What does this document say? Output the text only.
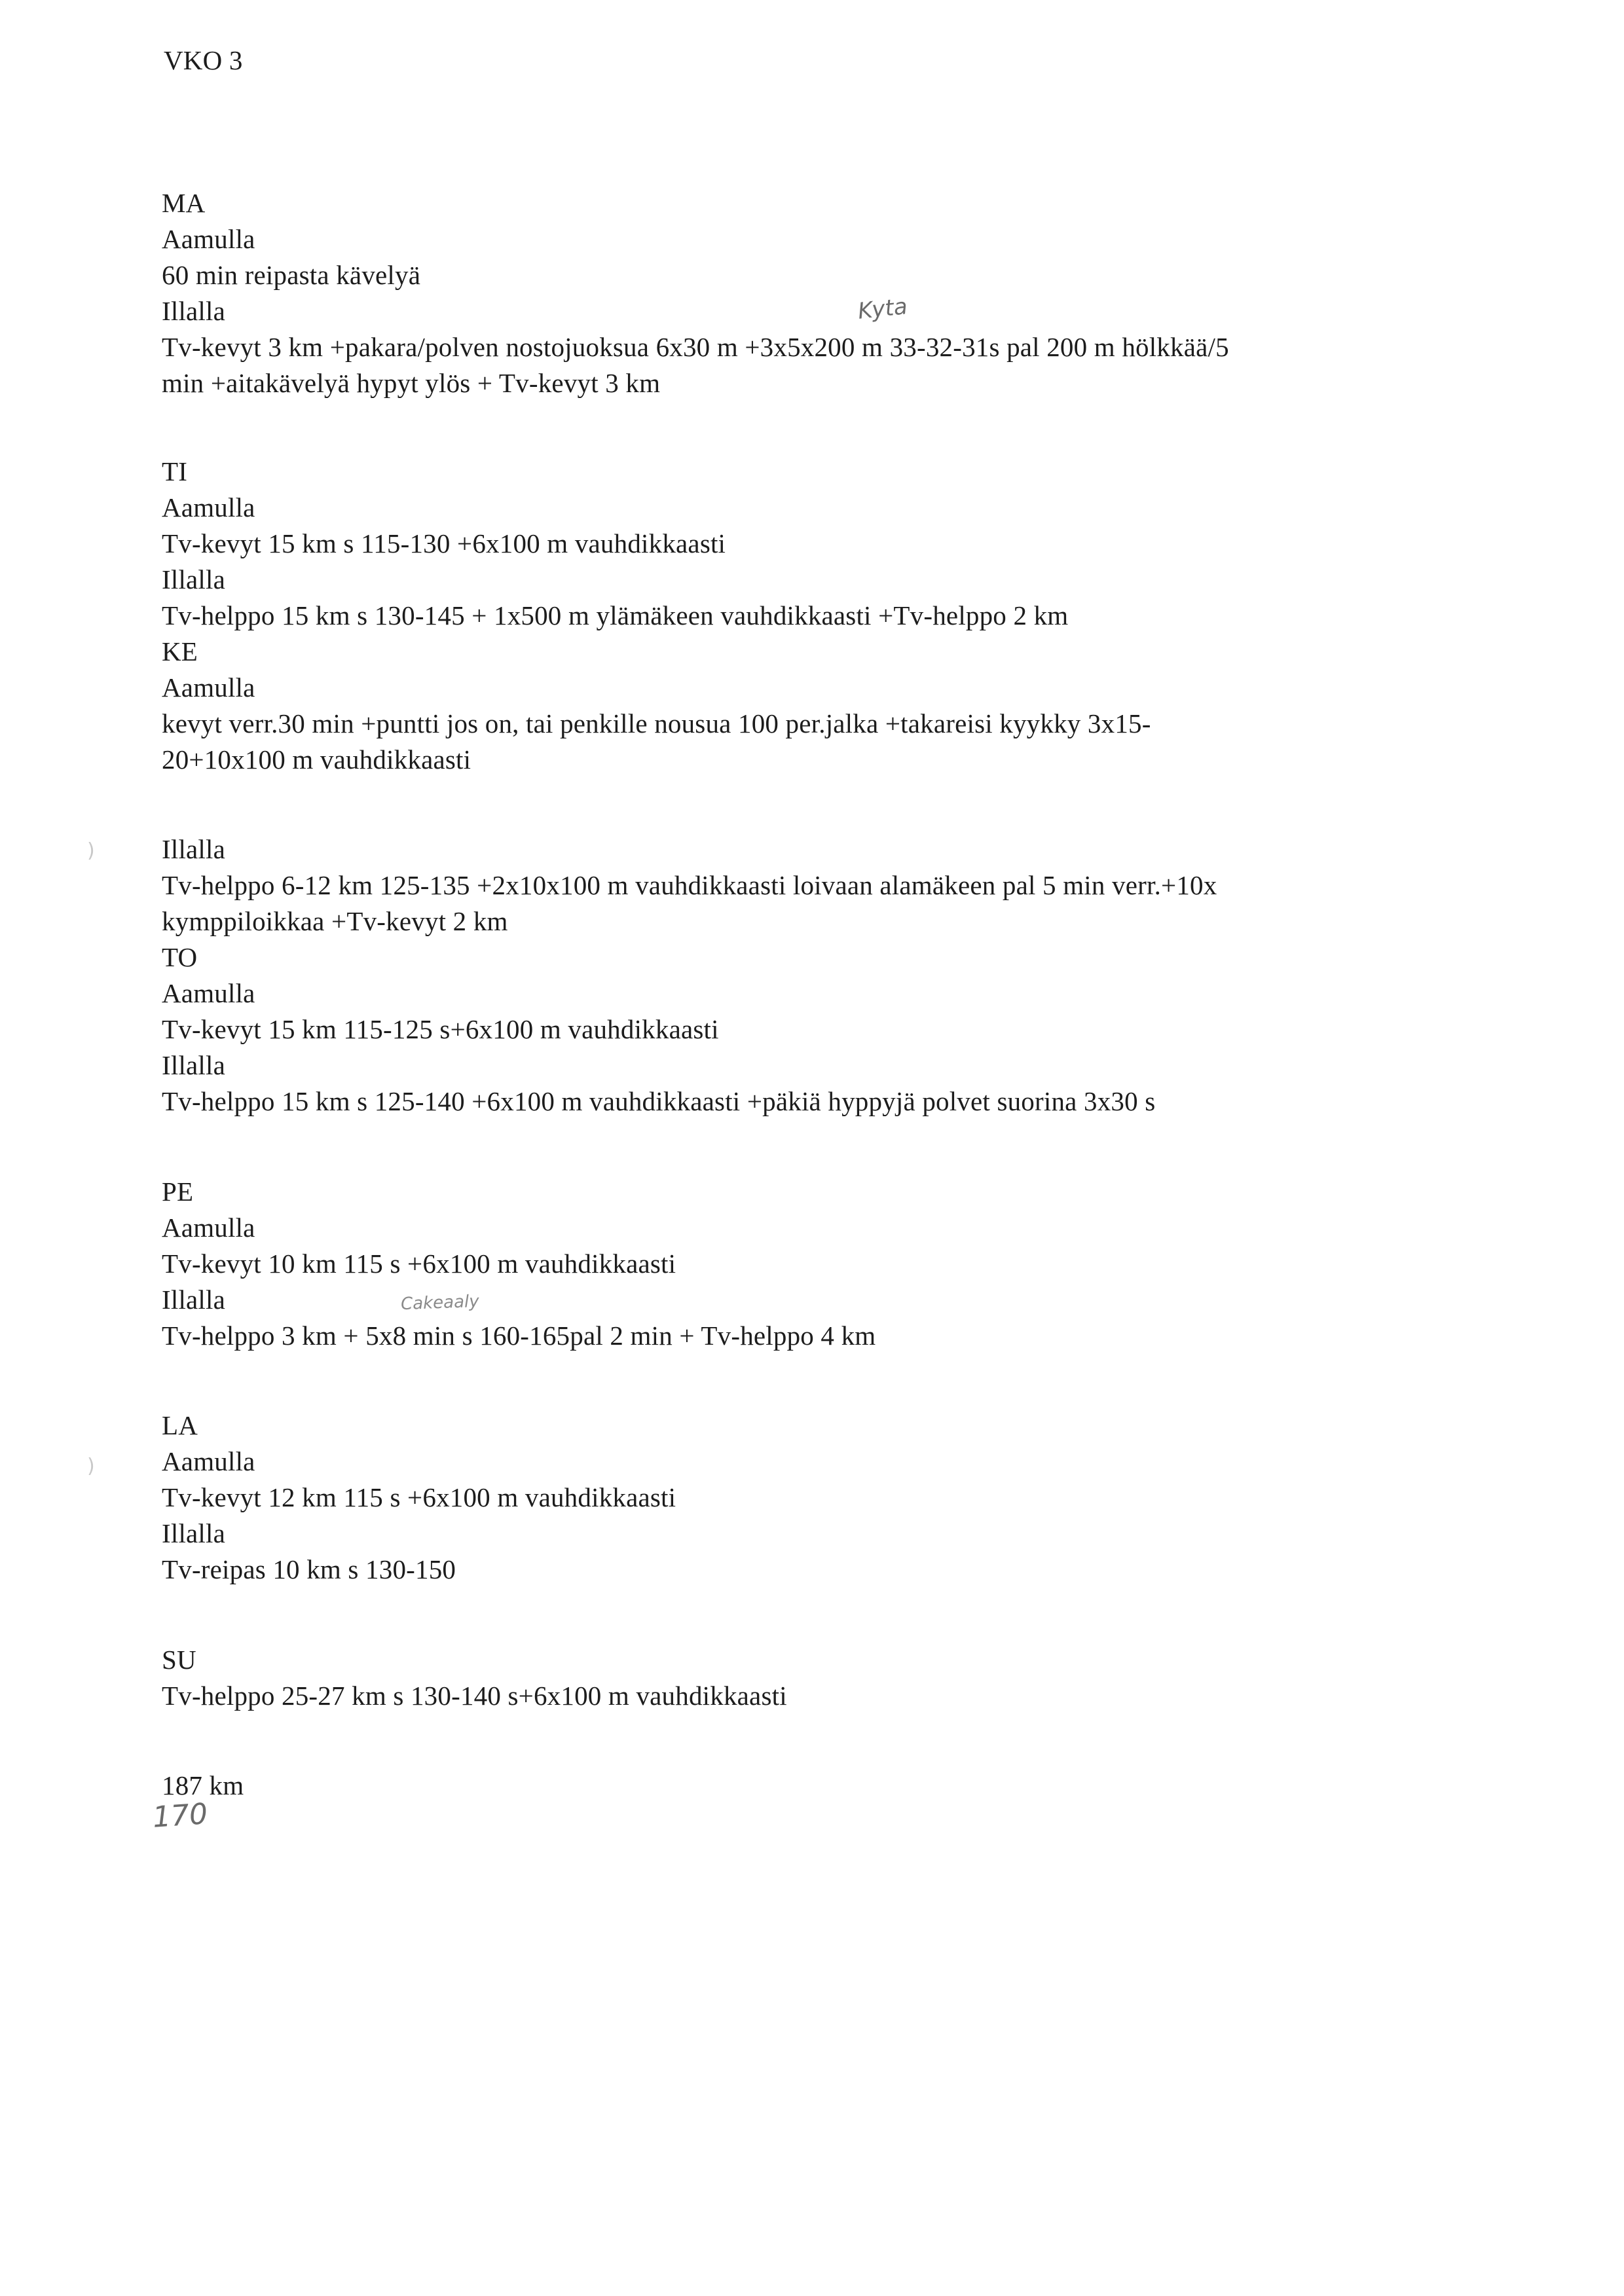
VKO 3
MA
Aamulla
60 min reipasta kävelyä
Illalla
Tv-kevyt 3 km +pakara/polven nostojuoksua 6x30 m +3x5x200 m 33-32-31s pal 200 m hölkkää/5
min +aitakävelyä hypyt ylös + Tv-kevyt 3 km
TI
Aamulla
Tv-kevyt 15 km s 115-130 +6x100 m vauhdikkaasti
Illalla
Tv-helppo 15 km s 130-145 + 1x500 m ylämäkeen vauhdikkaasti +Tv-helppo 2 km
KE
Aamulla
kevyt verr.30 min +puntti jos on, tai penkille nousua 100 per.jalka +takareisi kyykky 3x15-
20+10x100 m vauhdikkaasti
Illalla
Tv-helppo 6-12 km 125-135 +2x10x100 m vauhdikkaasti loivaan alamäkeen pal 5 min verr.+10x
kymppiloikkaa +Tv-kevyt 2 km
TO
Aamulla
Tv-kevyt 15 km 115-125 s+6x100 m vauhdikkaasti
Illalla
Tv-helppo 15 km s 125-140 +6x100 m vauhdikkaasti +päkiä hyppyjä polvet suorina 3x30 s
PE
Aamulla
Tv-kevyt 10 km 115 s +6x100 m vauhdikkaasti
Illalla
Tv-helppo 3 km + 5x8 min s 160-165pal 2 min + Tv-helppo 4 km
LA
Aamulla
Tv-kevyt 12 km 115 s +6x100 m vauhdikkaasti
Illalla
Tv-reipas 10 km s 130-150
SU
Tv-helppo 25-27 km s 130-140 s+6x100 m vauhdikkaasti
187 km
Kyta
Cakeaaly
170
)
)
